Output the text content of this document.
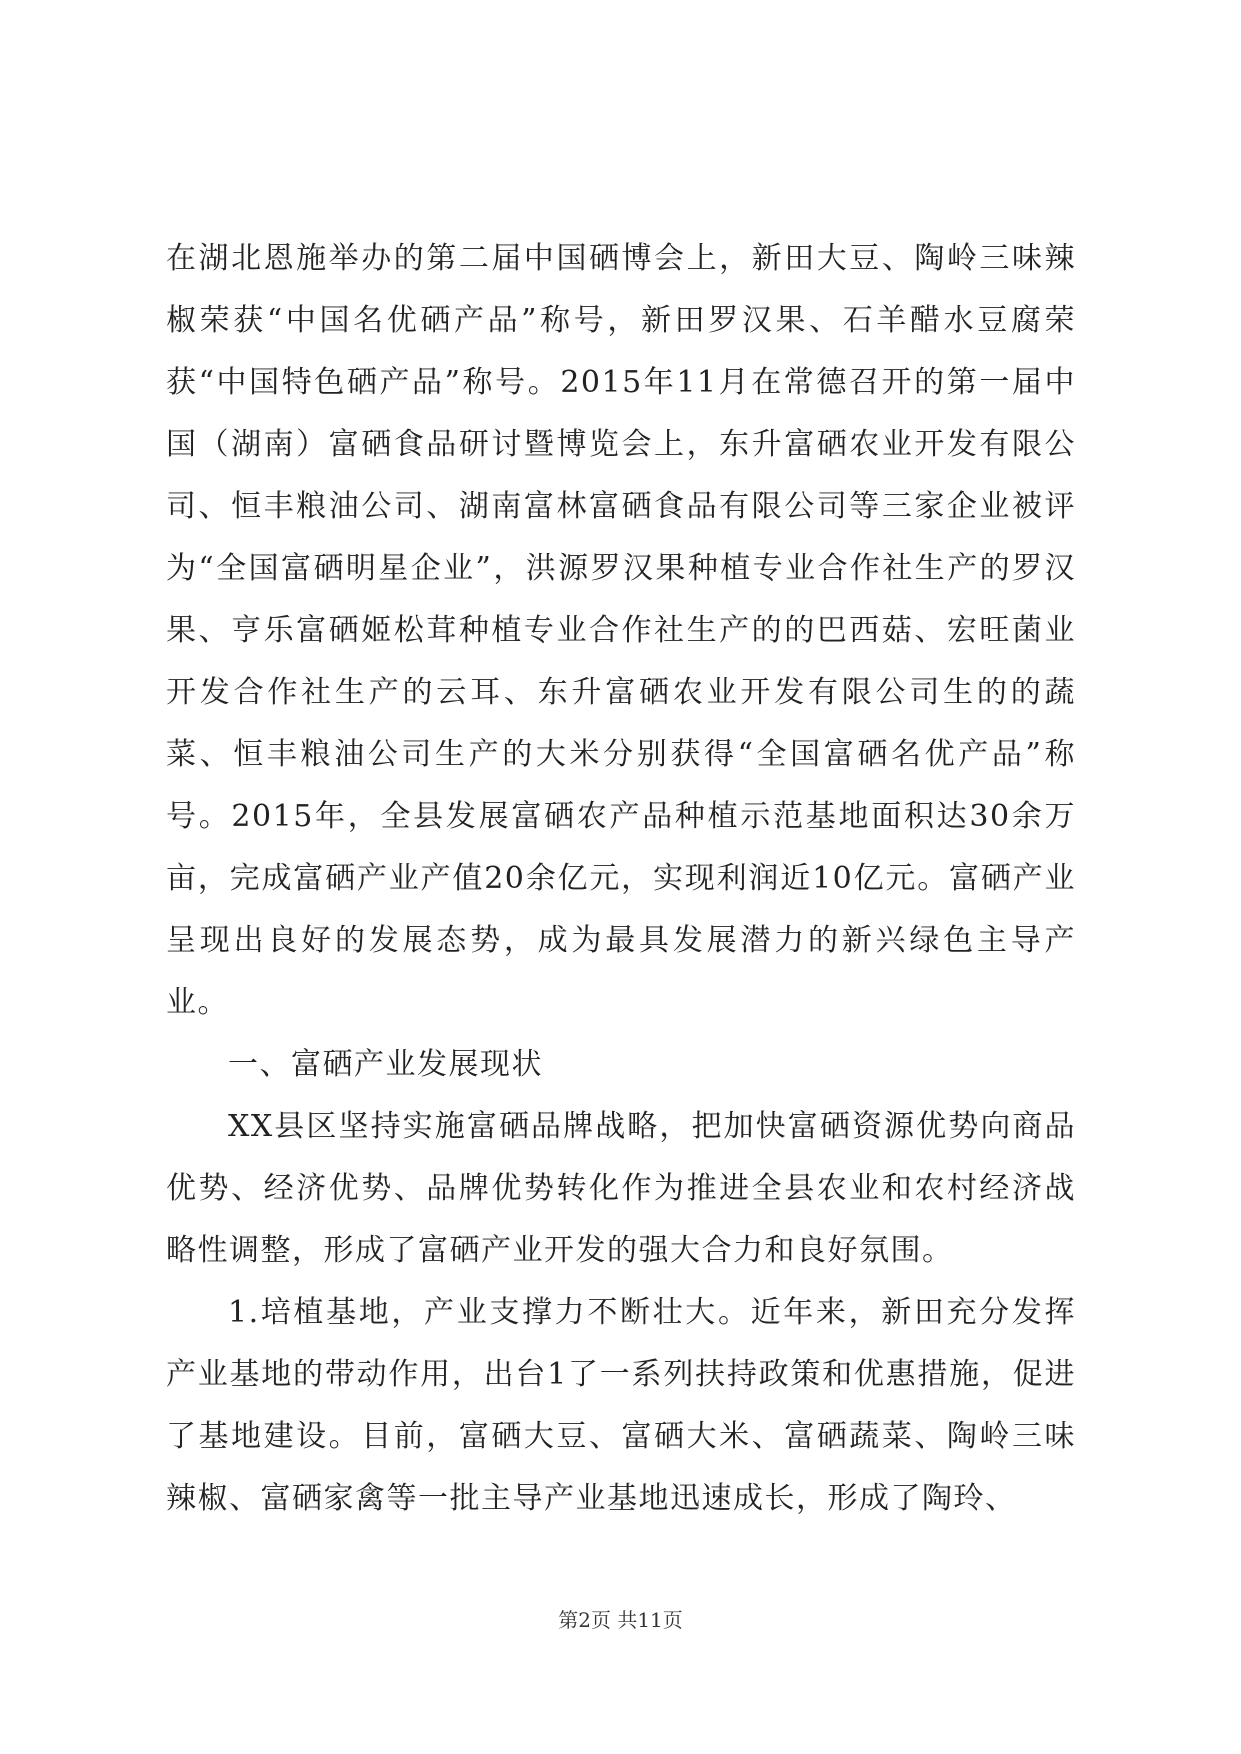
在湖北恩施举办的第二届中国硒博会上，新田大豆、陶岭三味辣椒荣获“中国名优硒产品”称号，新田罗汉果、石羊醋水豆腐荣获“中国特色硒产品”称号。2015年11月在常德召开的第一届中国（湖南）富硒食品研讨暨博览会上，东升富硒农业开发有限公司、恒丰粮油公司、湖南富林富硒食品有限公司等三家企业被评为“全国富硒明星企业”，洪源罗汉果种植专业合作社生产的罗汉果、亨乐富硒姬松茸种植专业合作社生产的的巴西菇、宏旺菌业开发合作社生产的云耳、东升富硒农业开发有限公司生的的蔬菜、恒丰粮油公司生产的大米分别获得“全国富硒名优产品”称号。2015年，全县发展富硒农产品种植示范基地面积达30余万亩，完成富硒产业产值20余亿元，实现利润近10亿元。富硒产业呈现出良好的发展态势，成为最具发展潜力的新兴绿色主导产业。

一、富硒产业发展现状

XX县区坚持实施富硒品牌战略，把加快富硒资源优势向商品优势、经济优势、品牌优势转化作为推进全县农业和农村经济战略性调整，形成了富硒产业开发的强大合力和良好氛围。

1.培植基地，产业支撑力不断壮大。近年来，新田充分发挥产业基地的带动作用，出台1了一系列扶持政策和优惠措施，促进了基地建设。目前，富硒大豆、富硒大米、富硒蔬菜、陶岭三味辣椒、富硒家禽等一批主导产业基地迅速成长，形成了陶玲、

第2页 共11页
